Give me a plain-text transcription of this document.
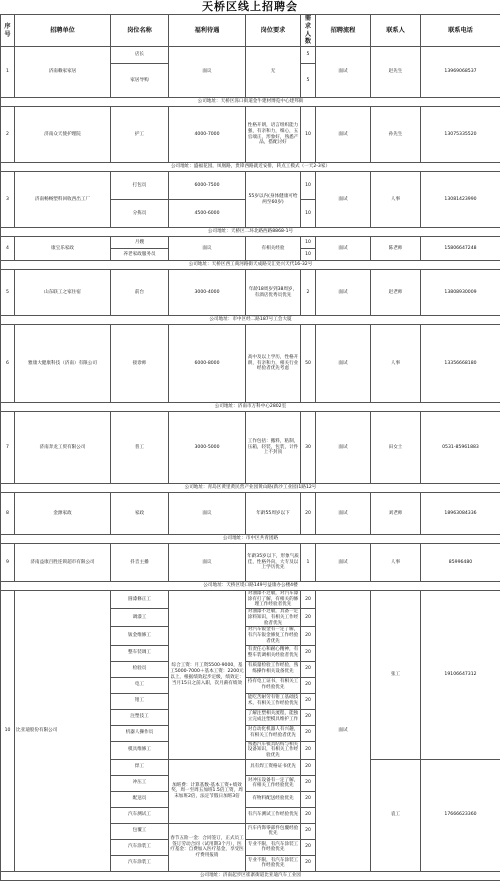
天桥区线上招聘会
序号	招聘单位	岗位名称	福利待遇	岗位要求	需求人数	招聘流程	联系人	联系电话
1	济南赖家家居	店长	面议	无	5	面试	赵先生	13969068537
		家居导购			5			
公司地址：天桥区泺口街道金牛建材博览中心建邦街								
2	济南众天使护理院	护工	4000-7000	性格开朗，语言组织能力强，有亲和力，细心，五官端正，形象好，熟悉产品，搭配讨好	10	面试	孙先生	13075335520
公司地址：盛福花园，凤凰路，贵锋西路就近安排，转点工模式（一天2-3家）								
3	济南畅畅塑料回收西出工厂	打包员	6000-7500	55岁以内(身体健康可给两至60岁)	10	面试	人事	13081423990
		分拣员	4500-6000		10			
公司地址：天桥区二环北路西路8868-1号								
4	康宝乐家政	月嫂	面议	有相关经验	10	面试	陈老师	15806647248
		养老家政服务员			10			
公司地址：天桥区西工商河路街天成路交汇处兴天代16-32号								
5	山东联工之家住宿	前台	3000-4000	年龄18周岁到38周岁，有酒店优秀员优先	2	面试	赵老师	13808930009
公司地址：市中区经二路187号工会大厦								
6	雅康大健康科技（济南）有限公司	接诊师	6000-8000	高中及以上学历，性格开朗，有亲和力，相关行业经验者优先考虑	50	面试	人事	13356668180
公司地址：济南市万科中心2802室								
7	济南奔龙工贸有限公司	普工	3000-5000	工作包括：搬料，粘制，压箱，轻装，包装，计件上不封顶	30	面试	田女士	0531-85961883
公司地址：青岛区黄里黄民营产业园黄山路(新沙工业园)1路12号								
8	金源家政	家政	面议	年龄55周岁以下	20	面试	刘老师	18963084336
公司地址：市中区共青团路								
9	济南益康百胜连锁超市有限公司	抖音主播	面议	年龄35岁以下，形象气质佳，性格外向，大专及以上学历优先	1	面试	人事	85996480
公司地址：天桥区堤口路149号益康办公楼4楼								
10	比亚迪股份有限公司	圆漆修正工	综合工资：月工资5500-9000，基工5000-7000＋基本工资：2200元以上，根据绩效起步定级，绩效定：当月15日之前入职，次月薪有绩效	对油漆不过敏，对汽车漆涂有打了解，有相关的修理工作经验者优先	20	面试	张工	19106647312
		调漆工		对油漆不过敏，具备一定涂料知识，有相关工作经验者优先	20			
		钣金维修工		对汽车钣金有一定了解，有汽车钣金修复工作经验者优先	20			
		整车装调工		有责任心和耐心精神，有整车装调相关经验者优先	20			
		检验员		有质量检验工作经验，熟练操作相关设备优先	20			
		电工		持有电工证书，有相关工作经验优先	20			
		钳工		能吃苦耐劳有钳工基础技术，有相关工作经验优先	20			
		注塑技工		了解注塑相关流程，能独立完成注塑模具维护工作	20			
		机器人操作员		对自动化机器人有兴趣，有相关工作经验者优先	20			
		模具维修工		熟悉汽车模具结构与相关设备知识，有相关工作经验优先	20			
		焊工	加班费：计算基数-基本工资+绩效奖，周一至周五加班1.5倍工资，周末加班2倍，法定节假日加班3倍	具有焊工资格证书优先	20		袁工	17666623360
		冲压工		对冲压设备有一定了解，有相关工作经验优先	20			
		配送员		有物料配送经验优先	20			
		汽车测试工		有汽车测试工作经验优先	20			
		包覆工	春节五险一金：合同签订，正式员工签订劳动合同（试用期3个月），医疗基金：自费加入医疗基金，享受医疗费用报销	汽车内饰零部件包覆经验优先	20			
		汽车涂装工		专业不限，有汽车涂装工作经验优先	20			
		汽车涂装工		专业不限，有汽车涂装工作经验优先	20			
公司地址：济南起步区崔寨街道比亚迪汽车工业园								
